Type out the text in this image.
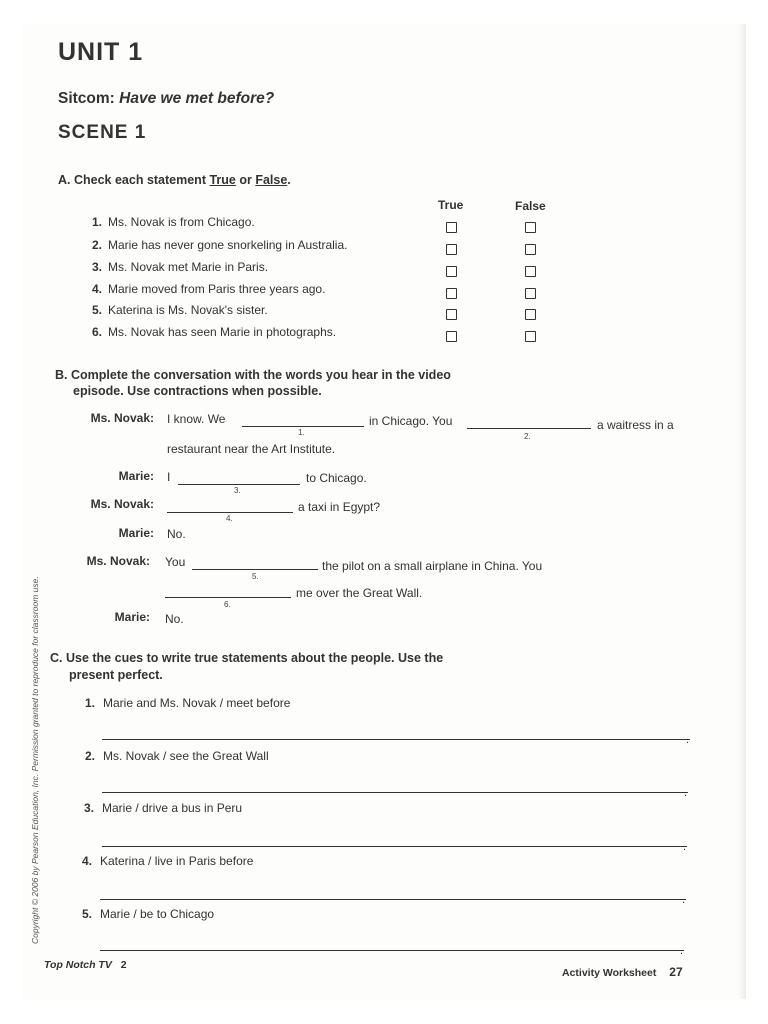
UNIT 1
Sitcom: Have we met before?
SCENE 1
A. Check each statement True or False.
True	False
1. Ms. Novak is from Chicago.
2. Marie has never gone snorkeling in Australia.
3. Ms. Novak met Marie in Paris.
4. Marie moved from Paris three years ago.
5. Katerina is Ms. Novak's sister.
6. Ms. Novak has seen Marie in photographs.
B. Complete the conversation with the words you hear in the video
episode. Use contractions when possible.
Ms. Novak: I know. We
1.
in Chicago. You
2.
a waitress in a
restaurant near the Art Institute.
Marie: I
3.
to Chicago.
Ms. Novak:
4.
a taxi in Egypt?
Marie: No.
Ms. Novak: You
5.
the pilot on a small airplane in China. You
6.
me over the Great Wall.
Marie: No.
C. Use the cues to write true statements about the people. Use the
present perfect.
1. Marie and Ms. Novak / meet before
.
2. Ms. Novak / see the Great Wall
.
3. Marie / drive a bus in Peru
.
4. Katerina / live in Paris before
.
5. Marie / be to Chicago
.
Copyright © 2006 by Pearson Education, Inc. Permission granted to reproduce for classroom use.
Top Notch TV 2
Activity Worksheet 27
